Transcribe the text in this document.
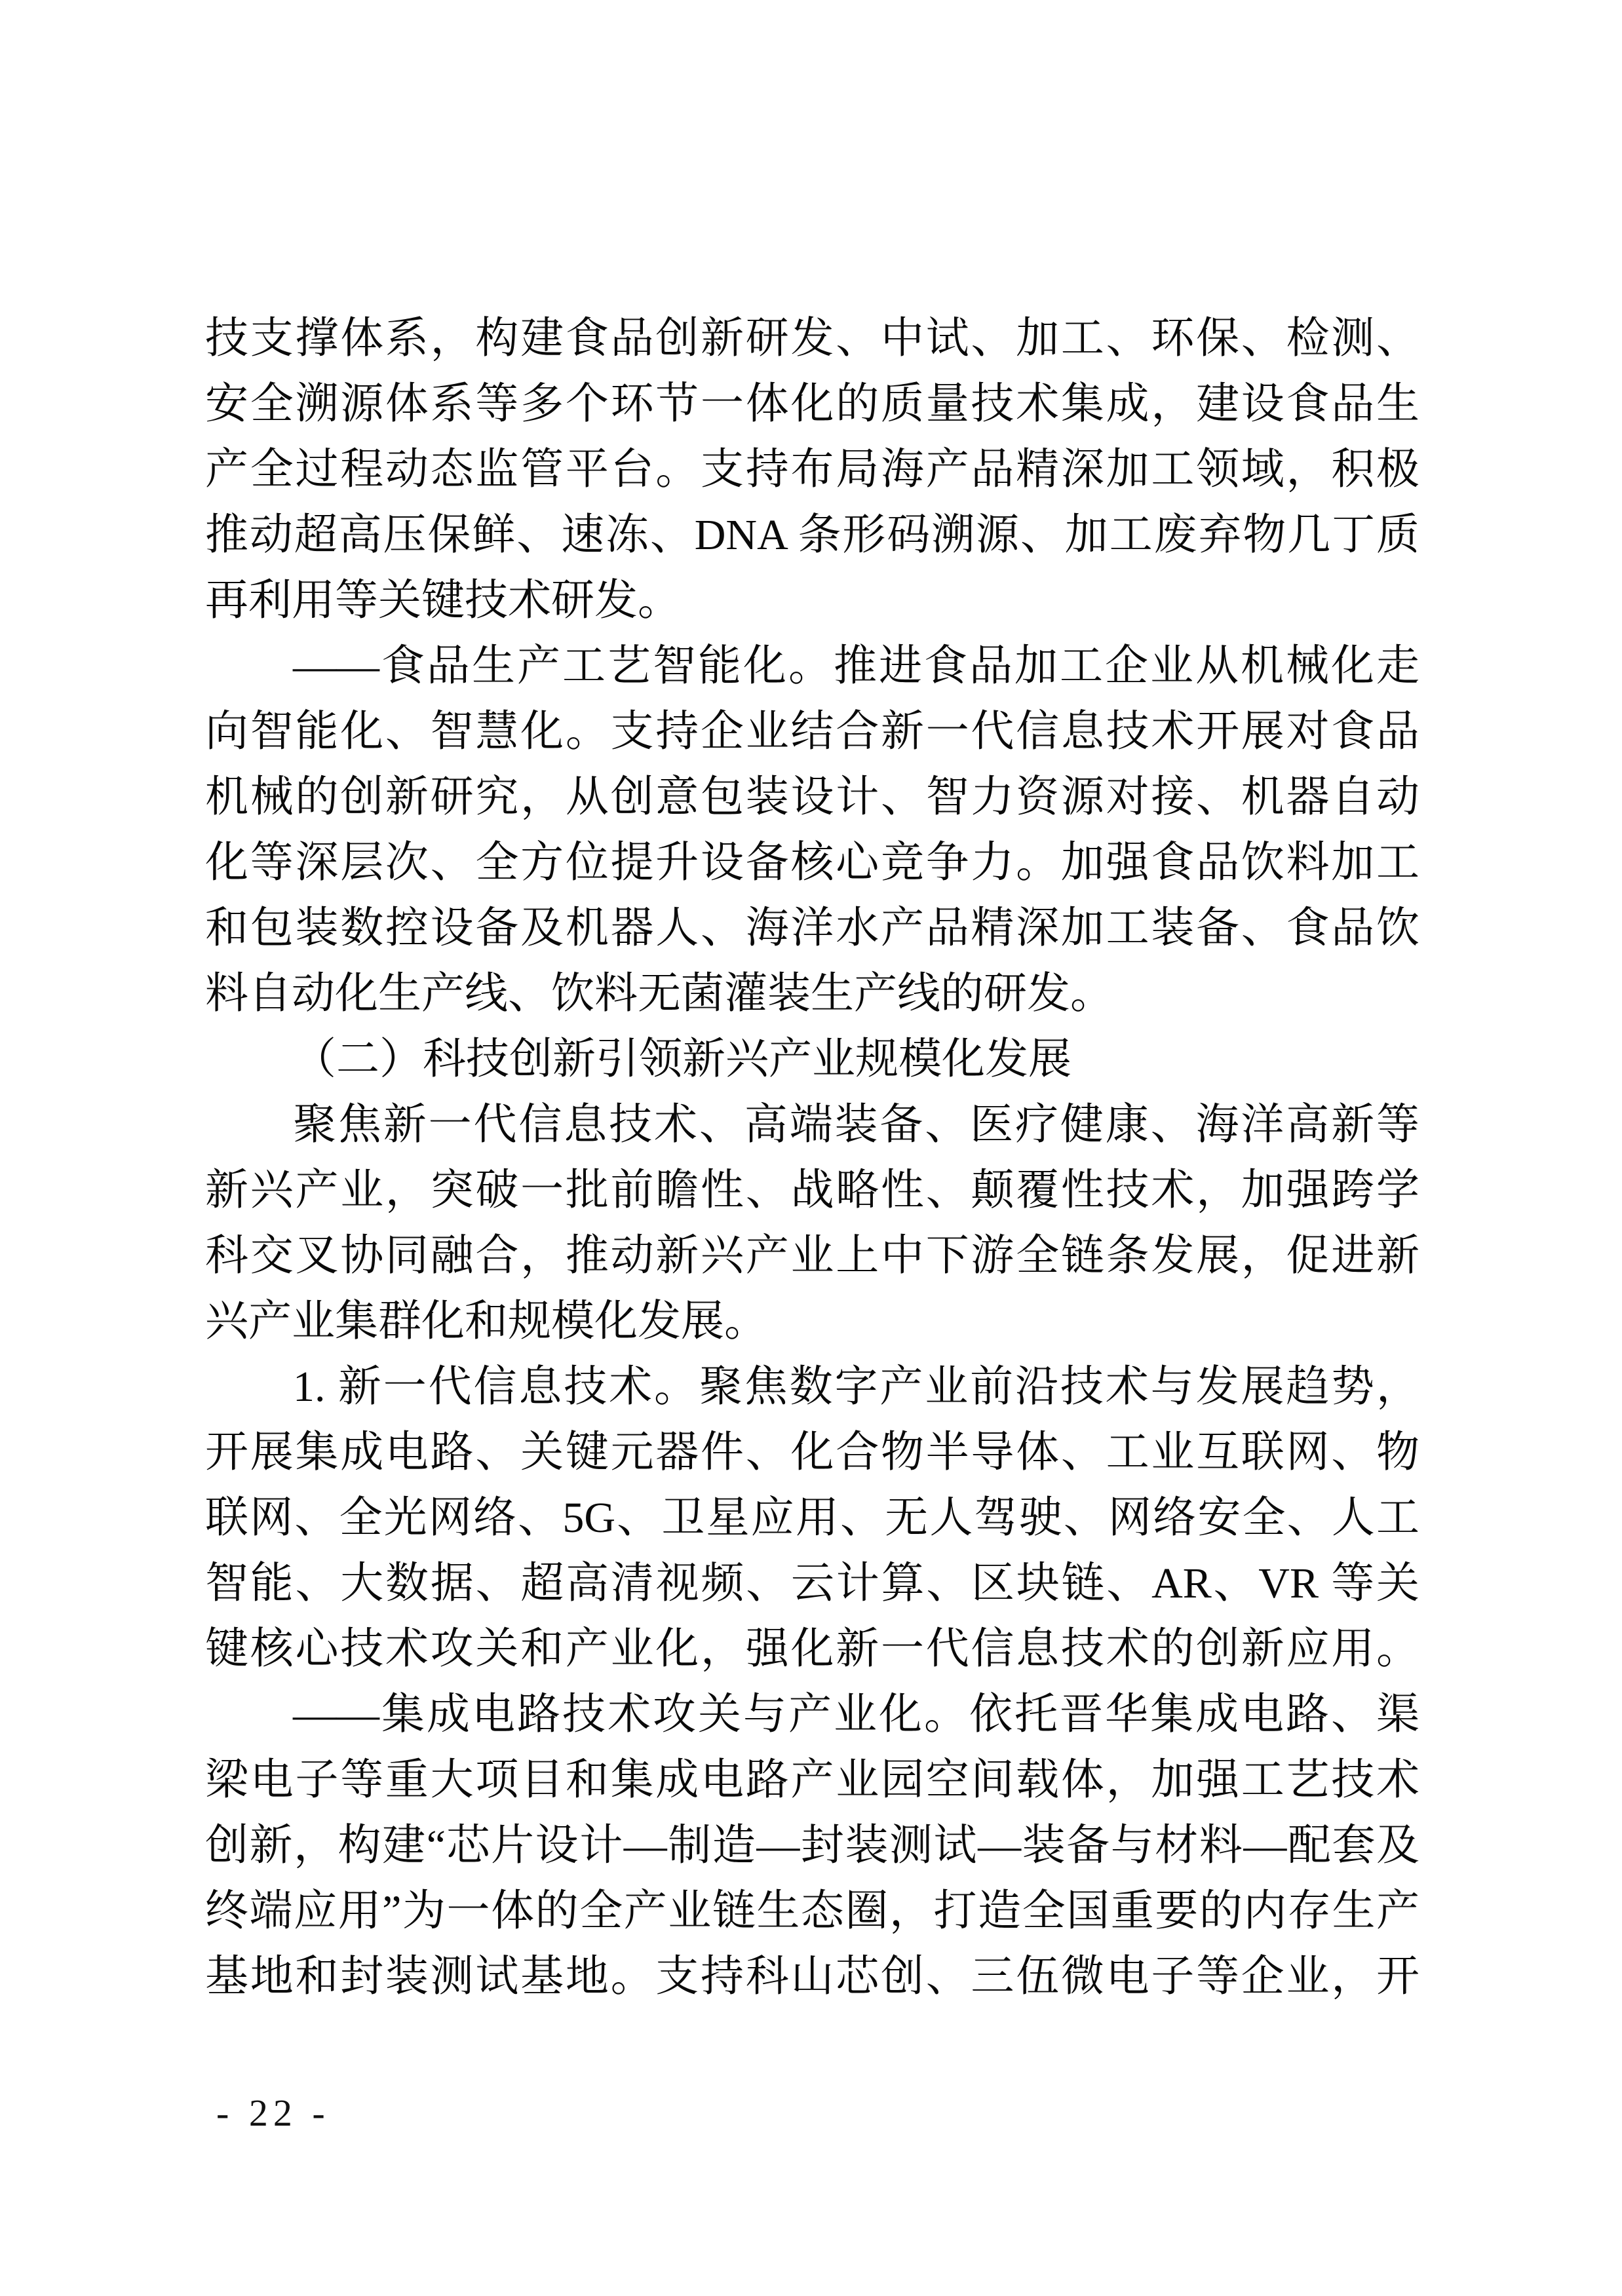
技支撑体系，构建食品创新研发、中试、加工、环保、检测、
安全溯源体系等多个环节一体化的质量技术集成，建设食品生
产全过程动态监管平台。支持布局海产品精深加工领域，积极
推动超高压保鲜、速冻、DNA 条形码溯源、加工废弃物几丁质
再利用等关键技术研发。
——食品生产工艺智能化。推进食品加工企业从机械化走
向智能化、智慧化。支持企业结合新一代信息技术开展对食品
机械的创新研究，从创意包装设计、智力资源对接、机器自动
化等深层次、全方位提升设备核心竞争力。加强食品饮料加工
和包装数控设备及机器人、海洋水产品精深加工装备、食品饮
料自动化生产线、饮料无菌灌装生产线的研发。
（二）科技创新引领新兴产业规模化发展
聚焦新一代信息技术、高端装备、医疗健康、海洋高新等
新兴产业，突破一批前瞻性、战略性、颠覆性技术，加强跨学
科交叉协同融合，推动新兴产业上中下游全链条发展，促进新
兴产业集群化和规模化发展。
1. 新一代信息技术。聚焦数字产业前沿技术与发展趋势，
开展集成电路、关键元器件、化合物半导体、工业互联网、物
联网、全光网络、5G、卫星应用、无人驾驶、网络安全、人工
智能、大数据、超高清视频、云计算、区块链、AR、VR 等关
键核心技术攻关和产业化，强化新一代信息技术的创新应用。
——集成电路技术攻关与产业化。依托晋华集成电路、渠
梁电子等重大项目和集成电路产业园空间载体，加强工艺技术
创新，构建“芯片设计—制造—封装测试—装备与材料—配套及
终端应用”为一体的全产业链生态圈，打造全国重要的内存生产
基地和封装测试基地。支持科山芯创、三伍微电子等企业，开
- 22 -
